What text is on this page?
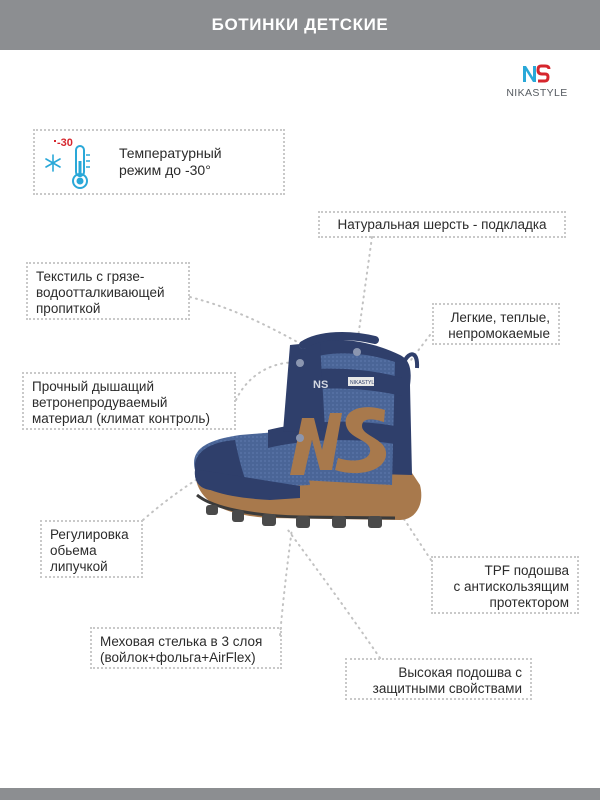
БОТИНКИ ДЕТСКИЕ
NIKASTYLE
-30
Температурный
режим до -30°
Натуральная шерсть - подкладка
Текстиль с грязе-
водоотталкивающей
пропиткой
Легкие, теплые,
непромокаемые
Прочный дышащий
ветронепродуваемый
материал (климат контроль)
Регулировка
обьема
липучкой	TPF подошва
с антискользящим
протектором
Меховая стелька в 3 слоя
(войлок+фольга+AirFlex)
Высокая подошва с
защитными свойствами
NS	NIKASTYLE
